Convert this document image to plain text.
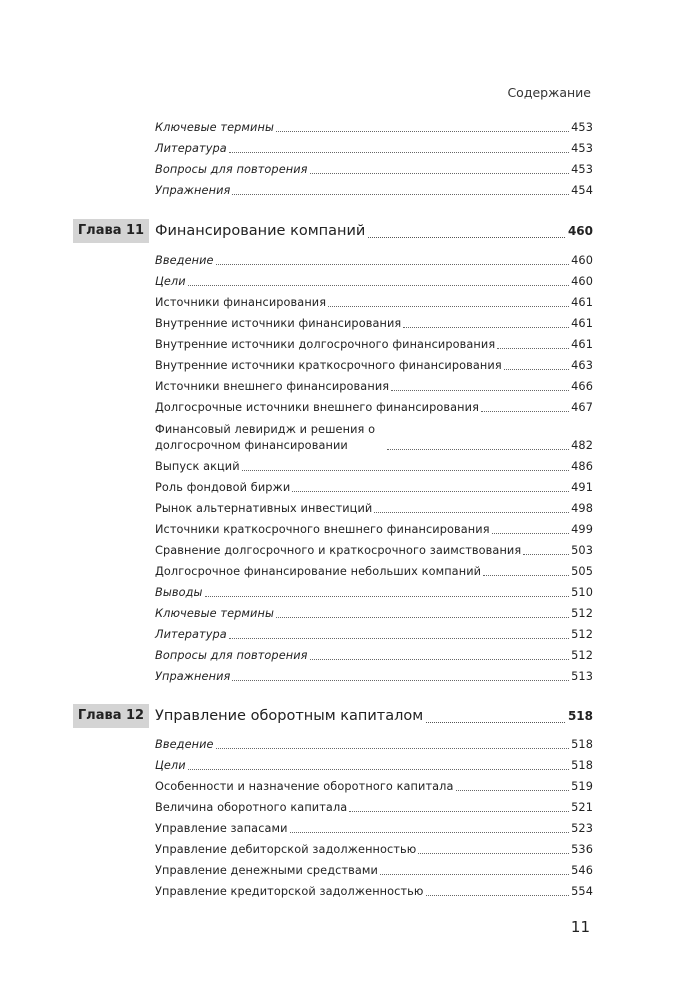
Содержание
Ключевые термины	453
Литература	453
Вопросы для повторения	453
Упражнения	454
Глава 11 Финансирование компаний	460
Введение	460
Цели	460
Источники финансирования	461
Внутренние источники финансирования	461
Внутренние источники долгосрочного финансирования	461
Внутренние источники краткосрочного финансирования	463
Источники внешнего финансирования	466
Долгосрочные источники внешнего финансирования	467
Финансовый левиридж и решения о долгосрочном финансировании	482
Выпуск акций	486
Роль фондовой биржи	491
Рынок альтернативных инвестиций	498
Источники краткосрочного внешнего финансирования	499
Сравнение долгосрочного и краткосрочного заимствования	503
Долгосрочное финансирование небольших компаний	505
Выводы	510
Ключевые термины	512
Литература	512
Вопросы для повторения	512
Упражнения	513
Глава 12 Управление оборотным капиталом	518
Введение	518
Цели	518
Особенности и назначение оборотного капитала	519
Величина оборотного капитала	521
Управление запасами	523
Управление дебиторской задолженностью	536
Управление денежными средствами	546
Управление кредиторской задолженностью	554
11
